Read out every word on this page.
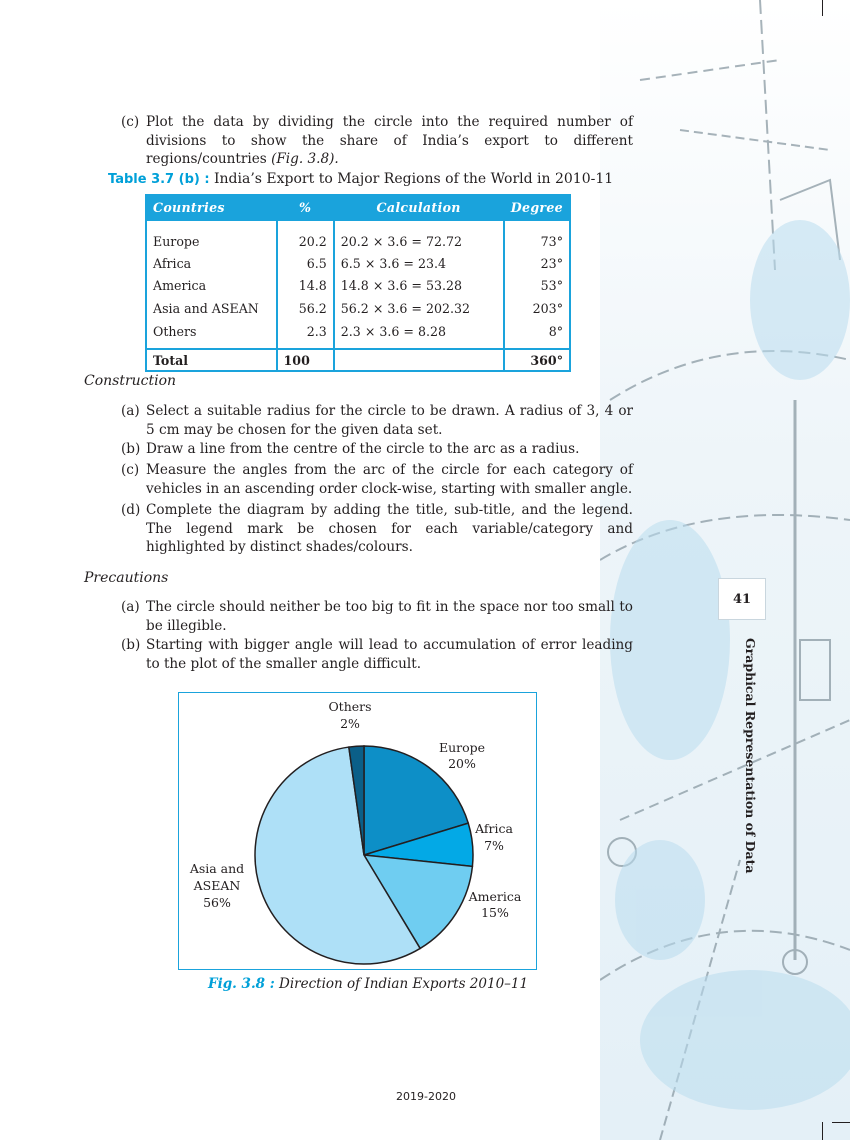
(c) Plot the data by dividing the circle into the required number of divisions to show the share of India’s export to different regions/countries (Fig. 3.8).
Table 3.7 (b) : India’s Export to Major Regions of the World in 2010-11
Countries	%	Calculation	Degree
Europe	20.2	20.2 × 3.6 = 72.72	73°
Africa	6.5	6.5 × 3.6 = 23.4	23°
America	14.8	14.8 × 3.6 = 53.28	53°
Asia and ASEAN	56.2	56.2 × 3.6 = 202.32	203°
Others	2.3	2.3 × 3.6 = 8.28	8°
Total	100		360°
Construction
(a) Select a suitable radius for the circle to be drawn. A radius of 3, 4 or 5 cm may be chosen for the given data set.
(b) Draw a line from the centre of the circle to the arc as a radius.
(c) Measure the angles from the arc of the circle for each category of vehicles in an ascending order clock-wise, starting with smaller angle.
(d) Complete the diagram by adding the title, sub-title, and the legend. The legend mark be chosen for each variable/category and highlighted by distinct shades/colours.
Precautions
(a) The circle should neither be too big to fit in the space nor too small to be illegible.
(b) Starting with bigger angle will lead to accumulation of error leading to the plot of the smaller angle difficult.
Others
2%
Europe
20%
Africa
7%
America
15%
Asia and
ASEAN
56%
Fig. 3.8 : Direction of Indian Exports 2010–11
41
Graphical Representation of Data
2019-2020
